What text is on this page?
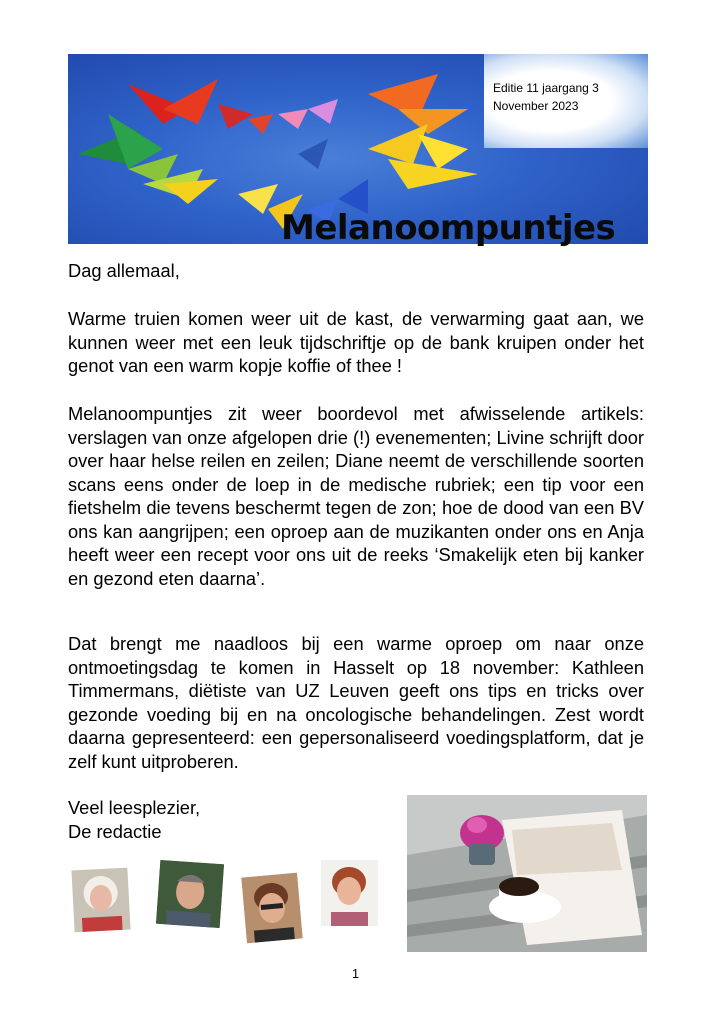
Editie 11 jaargang 3
November 2023
Melanoompuntjes
Dag allemaal,
Warme truien komen weer uit de kast, de verwarming gaat aan, we kunnen weer met een leuk tijdschriftje op de bank kruipen onder het genot van een warm kopje koffie of thee !
Melanoompuntjes zit weer boordevol met afwisselende artikels: verslagen van onze afgelopen drie (!) evenementen; Livine schrijft door over haar helse reilen en zeilen; Diane neemt de verschillende soorten scans eens onder de loep in de medische rubriek; een tip voor een fietshelm die tevens beschermt tegen de zon; hoe de dood van een BV ons kan aangrijpen; een oproep aan de muzikanten onder ons en Anja heeft weer een recept voor ons uit de reeks ‘Smakelijk eten bij kanker en gezond eten daarna’.
Dat brengt me naadloos bij een warme oproep om naar onze ontmoetingsdag te komen in Hasselt op 18 november: Kathleen Timmermans, diëtiste van UZ Leuven geeft ons tips en tricks over gezonde voeding bij en na oncologische behandelingen. Zest wordt daarna gepresenteerd: een gepersonaliseerd voedingsplatform, dat je zelf kunt uitproberen.
Veel leesplezier,
De redactie
1
